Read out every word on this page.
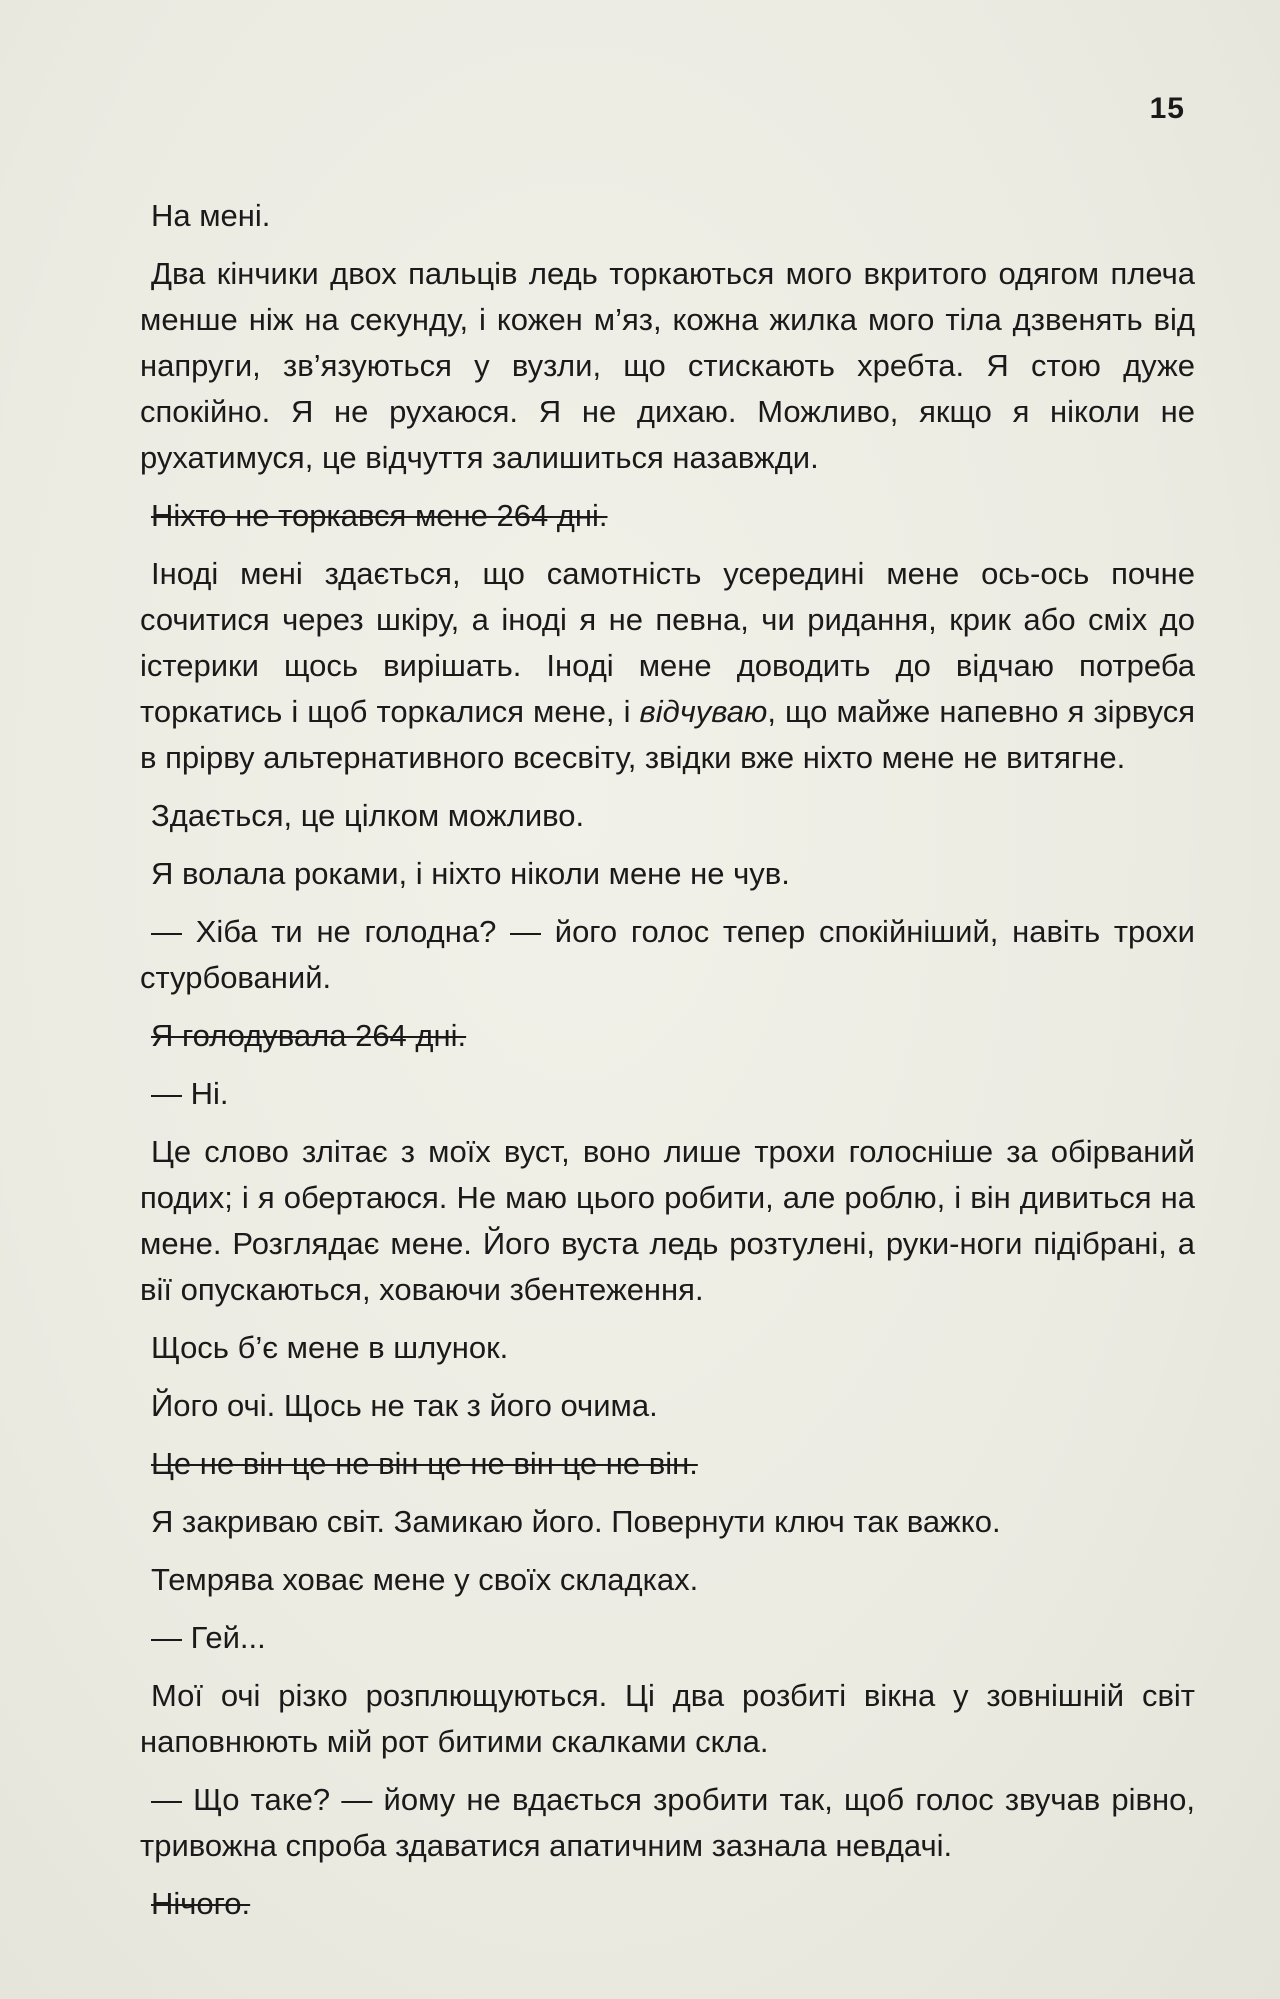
15

На мені.

Два кінчики двох пальців ледь торкаються мого вкритого одягом плеча менше ніж на секунду, і кожен м’яз, кожна жилка мого тіла дзвенять від напруги, зв’язуються у вузли, що стискають хребта. Я стою дуже спокійно. Я не рухаюся. Я не дихаю. Можливо, якщо я ніколи не рухатимуся, це відчуття залишиться назавжди.

Ніхто не торкався мене 264 дні.

Іноді мені здається, що самотність усередині мене ось-ось почне сочитися через шкіру, а іноді я не певна, чи ридання, крик або сміх до істерики щось вирішать. Іноді мене доводить до відчаю потреба торкатись і щоб торкалися мене, і відчуваю, що майже напевно я зірвуся в прірву альтернативного всесвіту, звідки вже ніхто мене не витягне.

Здається, це цілком можливо.

Я волала роками, і ніхто ніколи мене не чув.

— Хіба ти не голодна? — його голос тепер спокійніший, навіть трохи стурбований.

Я голодувала 264 дні.

— Ні.

Це слово злітає з моїх вуст, воно лише трохи голосніше за обірваний подих; і я обертаюся. Не маю цього робити, але роблю, і він дивиться на мене. Розглядає мене. Його вуста ледь розтулені, руки-ноги підібрані, а вії опускаються, ховаючи збентеження.

Щось б’є мене в шлунок.

Його очі. Щось не так з його очима.

Це не він це не він це не він це не він.

Я закриваю світ. Замикаю його. Повернути ключ так важко.

Темрява ховає мене у своїх складках.

— Гей...

Мої очі різко розплющуються. Ці два розбиті вікна у зовнішній світ наповнюють мій рот битими скалками скла.

— Що таке? — йому не вдається зробити так, щоб голос звучав рівно, тривожна спроба здаватися апатичним зазнала невдачі.

Нічого.
